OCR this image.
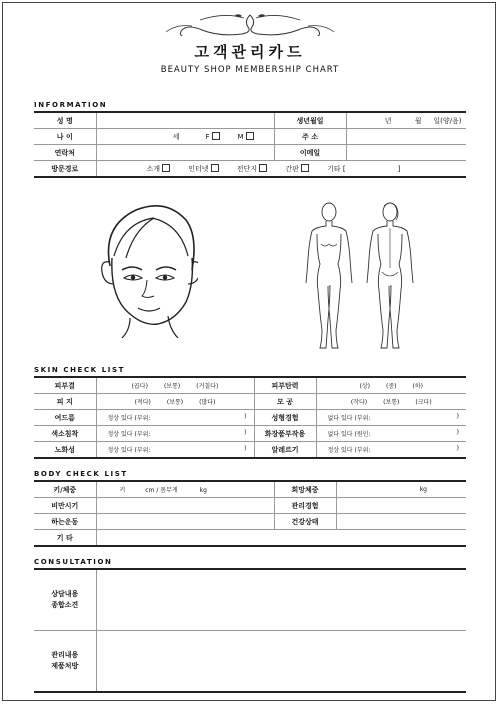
고객관리카드
BEAUTY SHOP MEMBERSHIP CHART
INFORMATION
성 명		생년월일	년 월 일(양/음)
나 이	세 F M	주 소	
연락처		이메일	
방문경로	소개 인터넷 전단지 간판 기타 [ ]		
SKIN CHECK LIST
피부결	(곱다) (보통) (거칠다)	피부탄력	(상) (중) (하)
피 지	(적다) (보통) (많다)	모 공	(작다) (보통) (크다)
여드름	정상 있다 (부위: )	성형경험	없다 있다 (부위: )

색소침착	정상 있다 (부위: )	화장품부작용	없다 있다 (원인: )

노화성	정상 있다 (부위: )	알레르기	정상 있다 (부위: )
BODY CHECK LIST
키/체중	키 cm / 몸무게 kg	희망체중	kg
비만시기		관리경험	
하는운동		건강상태	
기 타			
CONSULTATION
상담내용
종합소견	
관리내용
제품처방	
